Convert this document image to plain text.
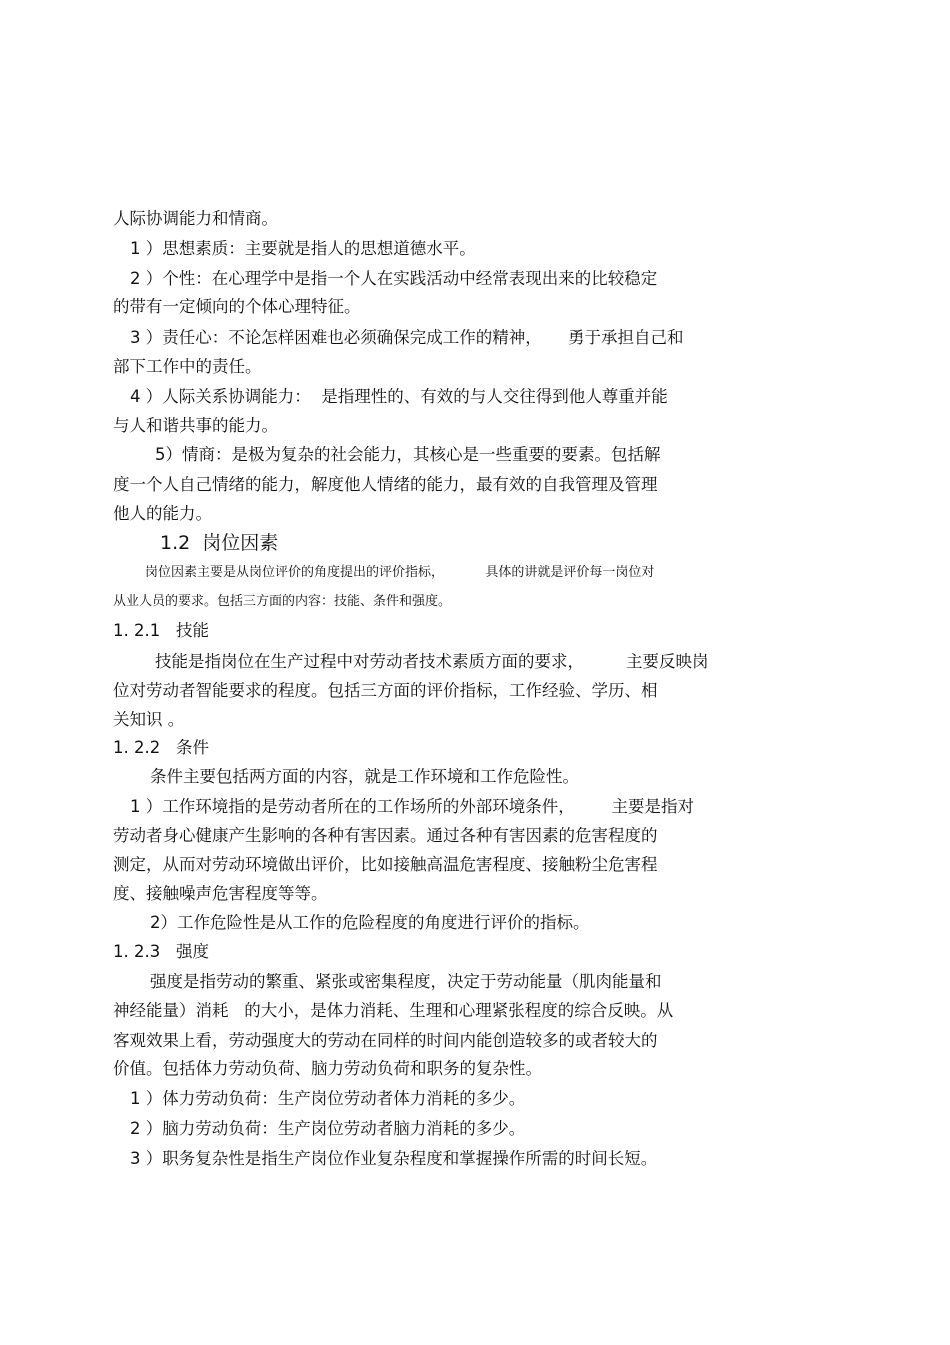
人际协调能力和情商。
1 ）思想素质：主要就是指人的思想道德水平。
2 ）个性：在心理学中是指一个人在实践活动中经常表现出来的比较稳定
的带有一定倾向的个体心理特征。
3 ）责任心：不论怎样困难也必须确保完成工作的精神，     勇于承担自己和
部下工作中的责任。
4 ）人际关系协调能力：  是指理性的、有效的与人交往得到他人尊重并能
与人和谐共事的能力。
5）情商：是极为复杂的社会能力，其核心是一些重要的要素。包括解
度一个人自己情绪的能力，解度他人情绪的能力，最有效的自我管理及管理
他人的能力。
1.2  岗位因素
岗位因素主要是从岗位评价的角度提出的评价指标，          具体的讲就是评价每一岗位对
从业人员的要求。包括三方面的内容：技能、条件和强度。
1. 2.1   技能
技能是指岗位在生产过程中对劳动者技术素质方面的要求，        主要反映岗
位对劳动者智能要求的程度。包括三方面的评价指标，工作经验、学历、相
关知识 。
1. 2.2   条件
条件主要包括两方面的内容，就是工作环境和工作危险性。
1 ）工作环境指的是劳动者所在的工作场所的外部环境条件，       主要是指对
劳动者身心健康产生影响的各种有害因素。通过各种有害因素的危害程度的
测定，从而对劳动环境做出评价，比如接触高温危害程度、接触粉尘危害程
度、接触噪声危害程度等等。
2）工作危险性是从工作的危险程度的角度进行评价的指标。
1. 2.3   强度
强度是指劳动的繁重、紧张或密集程度，决定于劳动能量（肌肉能量和
神经能量）消耗   的大小，是体力消耗、生理和心理紧张程度的综合反映。从
客观效果上看，劳动强度大的劳动在同样的时间内能创造较多的或者较大的
价值。包括体力劳动负荷、脑力劳动负荷和职务的复杂性。
1 ）体力劳动负荷：生产岗位劳动者体力消耗的多少。
2 ）脑力劳动负荷：生产岗位劳动者脑力消耗的多少。
3 ）职务复杂性是指生产岗位作业复杂程度和掌握操作所需的时间长短。
